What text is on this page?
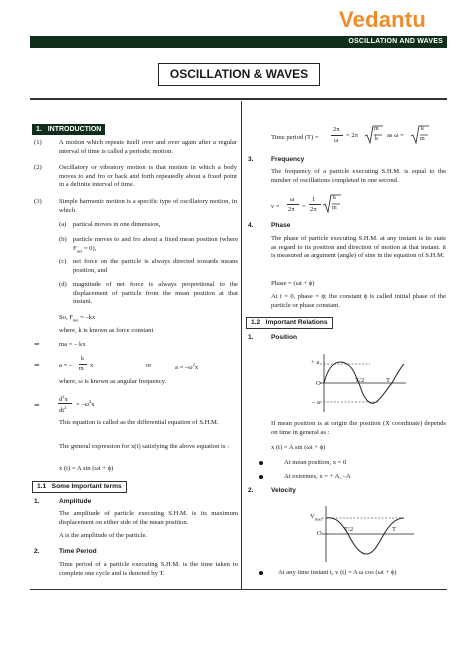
Vedantu
OSCILLATION AND WAVES
OSCILLATION & WAVES
1. INTRODUCTION
(1)	A motion which repeats itself over and over again after a regular interval of time is called a periodic motion.
(2)	Oscillatory or vibratory motion is that motion in which a body moves to and fro or back and forth repeatedly about a fixed point in a definite interval of time.
(3)	Simple harmonic motion is a specific type of oscillatory motion, in which
(a) partical moves in one dimension,
(b) particle moves to and fro about a fixed mean position (where $F_{net} = 0$),
(c) net force on the particle is always directed towards means position, and
(d) magnitude of net force is always proportional to the displacement of particle from the mean position at that instant.
So, $F_{net} = -kx$
where, k is known as force constant
⇒	ma = – kx
⇒	a = –
k
m x	or	$a = -\omega^2x$
where, ω is known as angular frequency.
⇒
$d^2x$
$dt^2 = -\omega^2x$
This equation is called as the differential equation of S.H.M.
The general expression for x(t) satisfying the above equation is :
x (t) = A sin (ωt + ϕ)
1.1 Some Important terms
1.	Amplitude
The amplitude of particle executing S.H.M. is its maximum displacement on either side of the mean position.
A is the amplitude of the particle.
2.	Time Period
Time period of a particle executing S.H.M. is the time taken to complete one cycle and is denoted by T.
Time period (T) =
2π
ω
= 2π
m
k as ω =
k
m
3.	Frequency
The frequency of a particle executing S.H.M. is equal to the number of oscillations completed in one second.
ν =
ω
2π =
1
2π
k
m
4.	Phase
The phase of particle executing S.H.M. at any instant is its state as regard to its position and direction of motion at that instant. it is measured as argument (angle) of sine in the equation of S.H.M.
Phase = (ωt + ϕ)
At t = 0, phase = ϕ; the constant ϕ is called initial phase of the particle or phase constant.
1.2 Important Relations
1.	Position
+ a
O
– a
T/2	T
If mean position is at origin the position (X coordinate) depends on time in general as :
x (t) = A sin (ωt + ϕ)
At mean position, x = 0
At extremes, x = + A, –A
2.	Velocity
$V_{max}$
O
T/2	T
At any time instant t, v (t) = A ω cos (ωt + ϕ)
